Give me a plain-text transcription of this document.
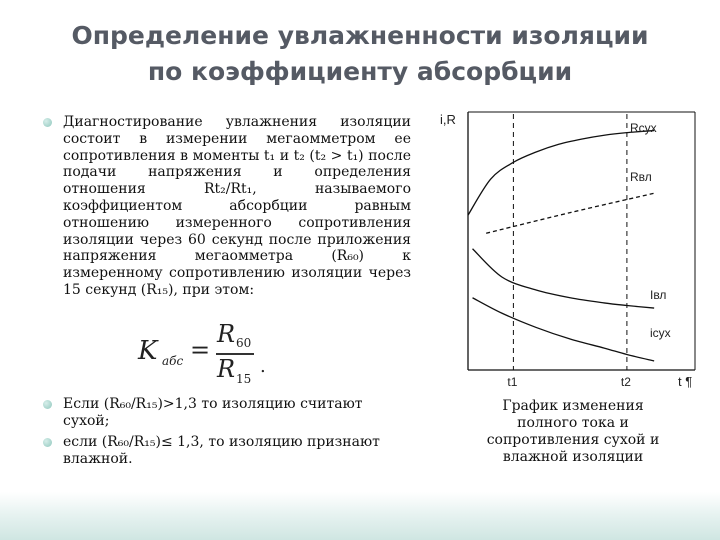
Определение увлажненности изоляции
по коэффициенту абсорбции

Диагностирование увлажнения изоляции состоит в измерении мегаомметром ее сопротивления в моменты t₁ и t₂ (t₂ > t₁) после подачи напряжения и определения отношения Rt₂/Rt₁, называемого коэффициентом абсорбции равным отношению измеренного сопротивления изоляции через 60 секунд после приложения напряжения мегаомметра (R₆₀) к измеренному сопротивлению изоляции через 15 секунд (R₁₅), при этом:

K абс =
R 60
R 15
.

Если (R₆₀/R₁₅)>1,3 то изоляцию считают сухой;

если (R₆₀/R₁₅)≤ 1,3, то изоляцию признают влажной.

i,R
t ¶
t1	t2
Rсух
Rвл
Iвл
iсух

График изменения
полного тока и
сопротивления сухой и
влажной изоляции
